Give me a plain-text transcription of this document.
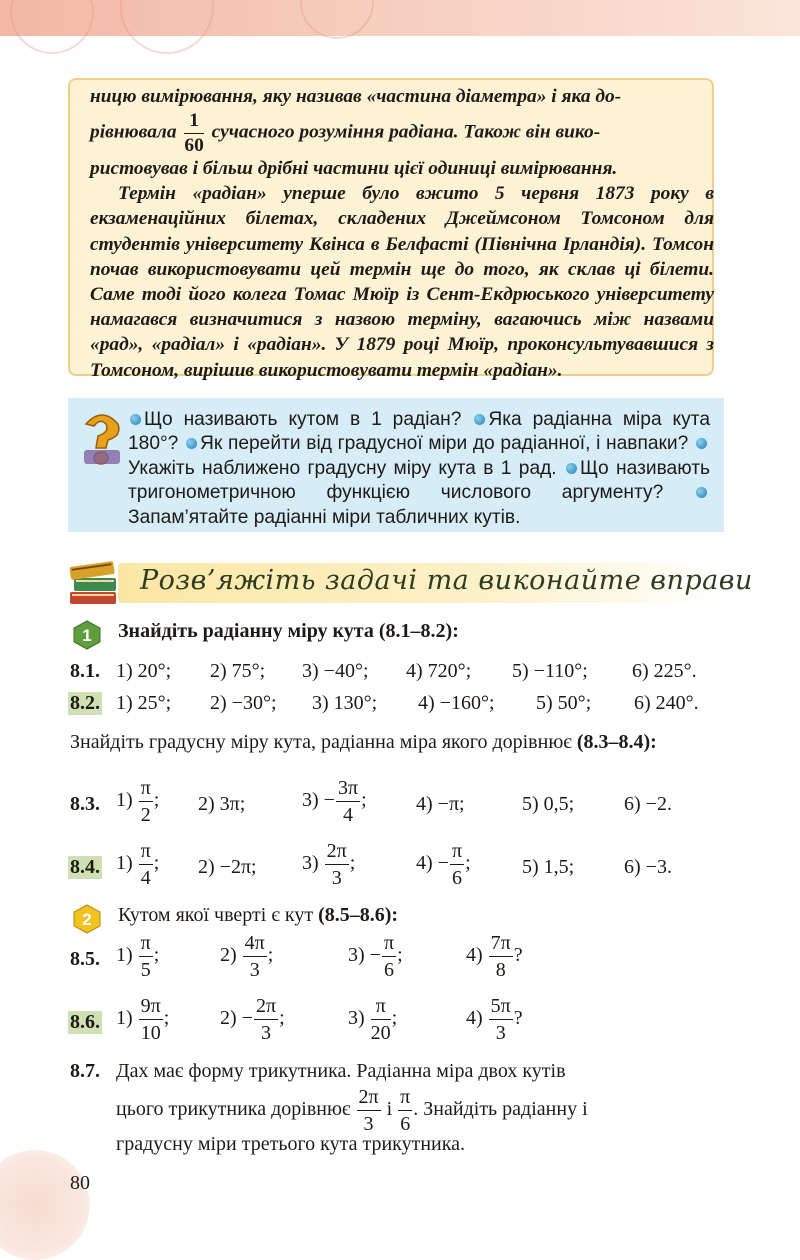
ницю вимірювання, яку називав «частина діаметра» і яка до-

рівнювала $\frac{1}{60}$ сучасного розуміння радіана. Також він вико-

ристовував і більш дрібні частини цієї одиниці вимірювання.

Термін «радіан» уперше було вжито 5 червня 1873 року в екзаменаційних білетах, складених Джеймсоном Томсоном для студентів університету Квінса в Белфасті (Північна Ірландія). Томсон почав використовувати цей термін ще до того, як склав ці білети. Саме тоді його колега Томас Мюїр із Сент-Екдрюського університету намагався визначитися з назвою терміну, вагаючись між назвами «рад», «радіал» і «радіан». У 1879 році Мюїр, проконсультувавшися з Томсоном, вирішив використовувати термін «радіан».

Що називають кутом в 1 радіан? Яка радіанна міра кута 180°? Як перейти від градусної міри до радіанної, і навпаки? Укажіть наближено градусну міру кута в 1 рад. Що називають тригонометричною функцією числового аргументу? Запам’ятайте радіанні міри табличних кутів.
Розв’яжіть задачі та виконайте вправи
1 Знайдіть радіанну міру кута (8.1–8.2):
8.1. 1) 20°; 2) 75°; 3) −40°; 4) 720°; 5) −110°; 6) 225°.
8.2. 1) 25°; 2) −30°; 3) 130°; 4) −160°; 5) 50°; 6) 240°.
Знайдіть градусну міру кута, радіанна міра якого дорівнює (8.3–8.4):
8.3. $1) \frac{\pi}{2}$ ; 2) 3π;	$3) - \frac{3\pi}{4}$ ; 4) −π;	5) 0,5; 6) −2.
8.4. $1) \frac{\pi}{4}$ ; 2) −2π; $3) \frac{2\pi}{3}$ ;	$4) - \frac{\pi}{6}$ ;	5) 1,5; 6) −3.
2 Кутом якої чверті є кут (8.5–8.6):
8.5. $1) \frac{\pi}{5}$ ;	$2) \frac{4\pi}{3}$ ;	$3) - \frac{\pi}{6}$ ;	$4) \frac{7\pi}{8}$ ?
8.6. $1) \frac{9\pi}{10}$ ;	$2) - \frac{2\pi}{3}$ ;	$3) \frac{\pi}{20}$ ;	$4) \frac{5\pi}{3}$ ?
8.7. Дах має форму трикутника. Радіанна міра двох кутів
цього трикутника дорівнює $\frac{2\pi}{3}$ і $\frac{\pi}{6}$ . Знайдіть радіанну і
градусну міри третього кута трикутника.
80
